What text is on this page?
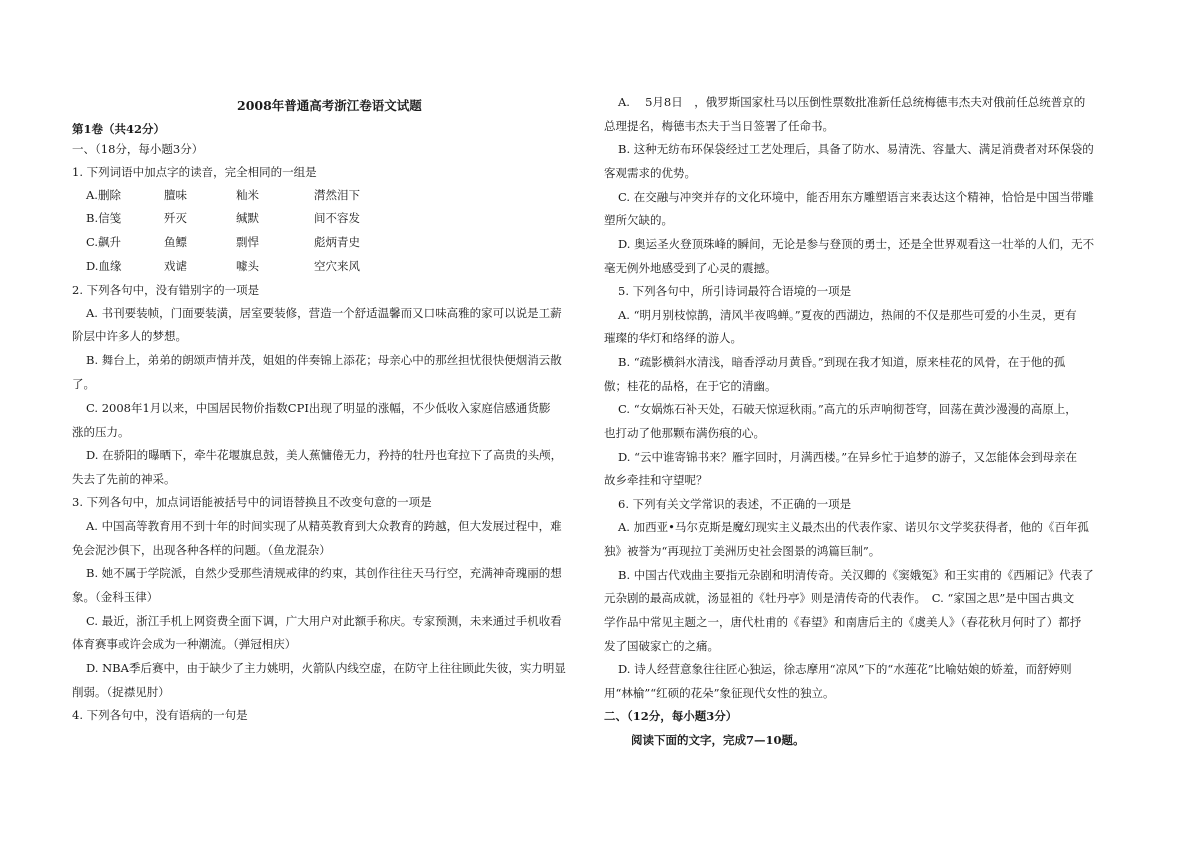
2008年普通高考浙江卷语文试题
第1卷（共42分）
一、（18分，每小题3分）
1. 下列词语中加点字的读音，完全相同的一组是
A.删除	膻味	籼米	潸然泪下
B.信笺	歼灭	缄默	间不容发
C.飙升	鱼鳔	剽悍	彪炳青史
D.血缘	戏谑	噱头	空穴来风
2. 下列各句中，没有错别字的一项是
A. 书刊要装帧，门面要装潢，居室要装修，营造一个舒适温馨而又口味高雅的家可以说是工薪
阶层中许多人的梦想。
B. 舞台上，弟弟的朗颂声情并茂，姐姐的伴奏锦上添花；母亲心中的那丝担忧很快便烟消云散
了。
C. 2008年1月以来，中国居民物价指数CPI出现了明显的涨幅，不少低收入家庭信感通货膨
涨的压力。
D. 在骄阳的曝晒下，牵牛花堰旗息鼓，美人蕉慵倦无力，矜持的牡丹也耷拉下了高贵的头颅，
失去了先前的神采。
3. 下列各句中，加点词语能被括号中的词语替换且不改变句意的一项是
A. 中国高等教育用不到十年的时间实现了从精英教育到大众教育的跨越，但大发展过程中，难
免会泥沙俱下，出现各种各样的问题。（鱼龙混杂）
B. 她不属于学院派，自然少受那些清规戒律的约束，其创作往往天马行空，充满神奇瑰丽的想
象。（金科玉律）
C. 最近，浙江手机上网资费全面下调，广大用户对此额手称庆。专家预测，未来通过手机收看
体育赛事或许会成为一种潮流。（弹冠相庆）
D. NBA季后赛中，由于缺少了主力姚明，火箭队内线空虚，在防守上往往顾此失彼，实力明显
削弱。（捉襟见肘）
4. 下列各句中，没有语病的一句是
A.　 5月8日　，俄罗斯国家杜马以压倒性票数批准新任总统梅德韦杰夫对俄前任总统普京的
总理提名，梅德韦杰夫于当日签署了任命书。
B. 这种无纺布环保袋经过工艺处理后，具备了防水、易清洗、容量大、满足消费者对环保袋的
客观需求的优势。
C. 在交融与冲突并存的文化环境中，能否用东方雕塑语言来表达这个精神，恰恰是中国当带雕
塑所欠缺的。
D. 奥运圣火登顶珠峰的瞬间，无论是参与登顶的勇士，还是全世界观看这一壮举的人们，无不
毫无例外地感受到了心灵的震撼。
5. 下列各句中，所引诗词最符合语境的一项是
A. “明月别枝惊鹊，清风半夜鸣蝉。”夏夜的西湖边，热闹的不仅是那些可爱的小生灵，更有
璀璨的华灯和络绎的游人。
B. “疏影横斜水清浅，暗香浮动月黄昏。”到现在我才知道，原来桂花的风骨，在于他的孤
傲；桂花的品格，在于它的清幽。
C. “女娲炼石补天处，石破天惊逗秋雨。”高亢的乐声响彻苍穹，回荡在黄沙漫漫的高原上，
也打动了他那颗布满伤痕的心。
D. “云中谁寄锦书来？雁字回时，月满西楼。”在异乡忙于追梦的游子，又怎能体会到母亲在
故乡牵挂和守望呢？
6. 下列有关文学常识的表述，不正确的一项是
A. 加西亚•马尔克斯是魔幻现实主义最杰出的代表作家、诺贝尔文学奖获得者，他的《百年孤
独》被誉为“再现拉丁美洲历史社会图景的鸿篇巨制”。
B. 中国古代戏曲主要指元杂剧和明清传奇。关汉卿的《窦娥冤》和王实甫的《西厢记》代表了
元杂剧的最高成就，汤显祖的《牡丹亭》则是清传奇的代表作。　C. “家国之思”是中国古典文
学作品中常见主题之一，唐代杜甫的《春望》和南唐后主的《虞美人》（春花秋月何时了）都抒
发了国破家亡的之痛。
D. 诗人经营意象往往匠心独运，徐志摩用“凉风”下的“水莲花”比喻姑娘的娇羞，而舒婷则
用“林榆”“红硕的花朵”象征现代女性的独立。
二、（12分，每小题3分）
阅读下面的文字，完成7—10题。
